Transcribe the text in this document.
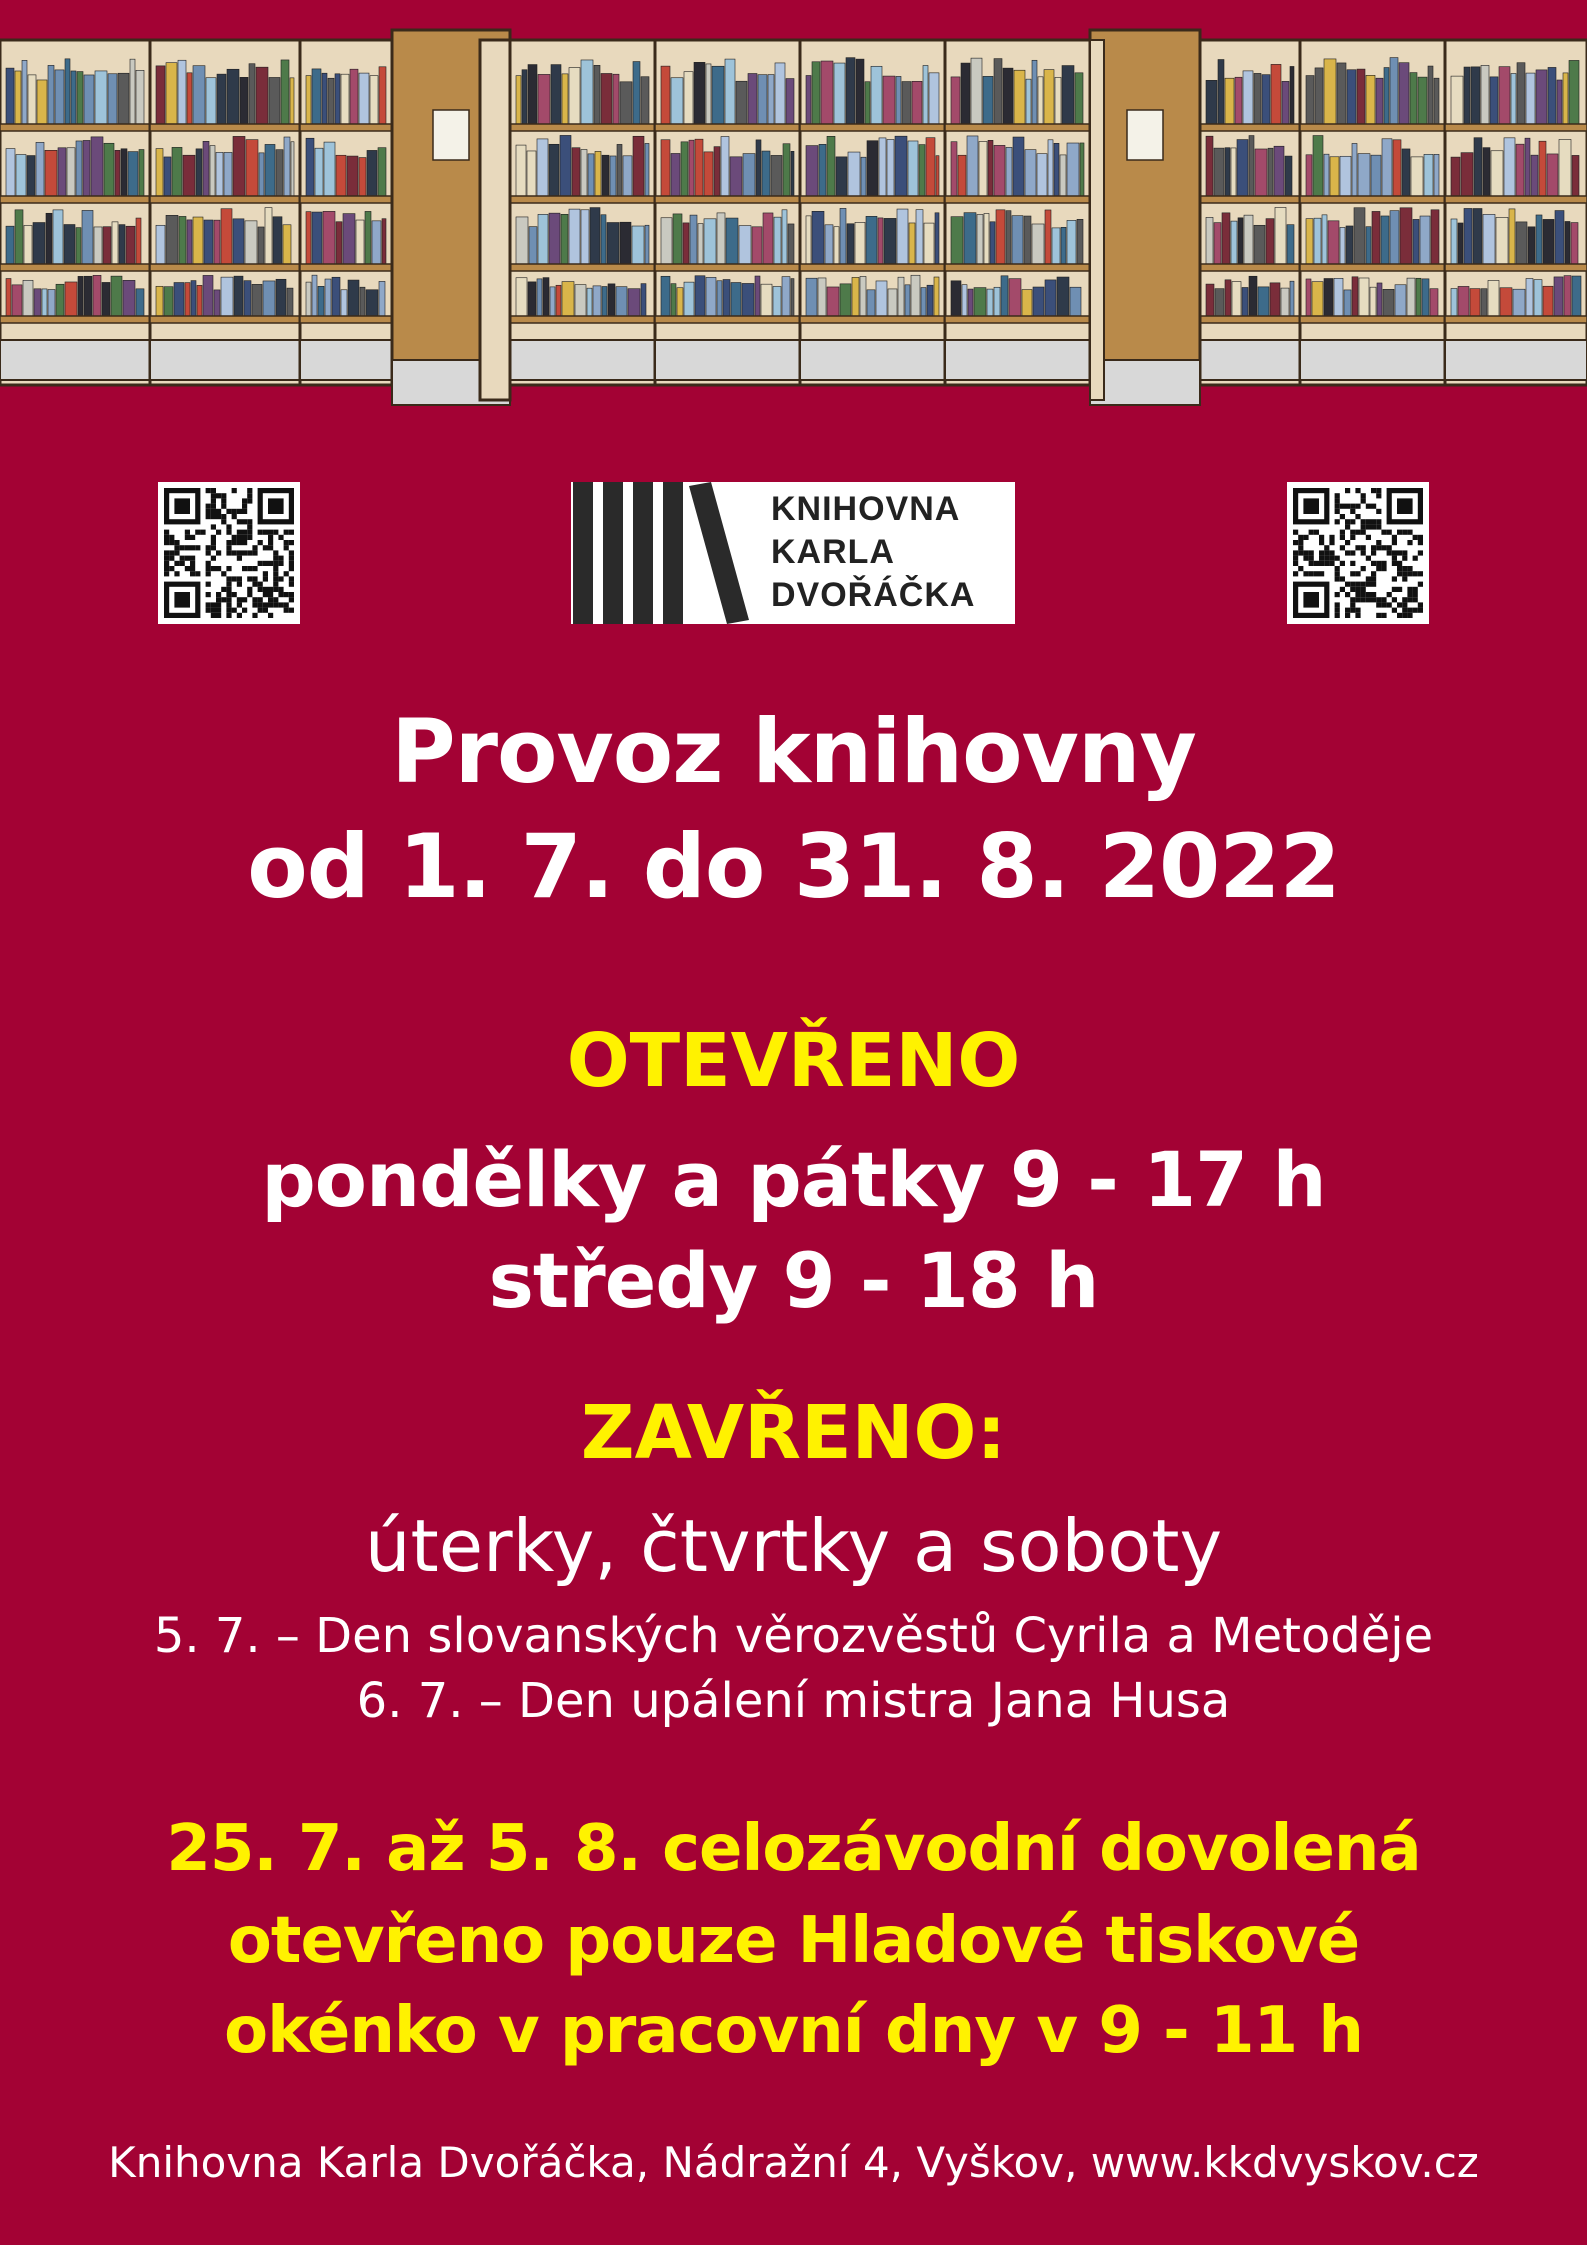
KNIHOVNA
KARLA
DVOŘÁČKA
Provoz knihovny
od 1. 7. do 31. 8. 2022
OTEVŘENO
pondělky a pátky 9 - 17 h
středy 9 - 18 h
ZAVŘENO:
úterky, čtvrtky a soboty
5. 7. – Den slovanských věrozvěstů Cyrila a Metoděje
6. 7. – Den upálení mistra Jana Husa
25. 7. až 5. 8. celozávodní dovolená
otevřeno pouze Hladové tiskové
okénko v pracovní dny v 9 - 11 h
Knihovna Karla Dvořáčka, Nádražní 4, Vyškov, www.kkdvyskov.cz
